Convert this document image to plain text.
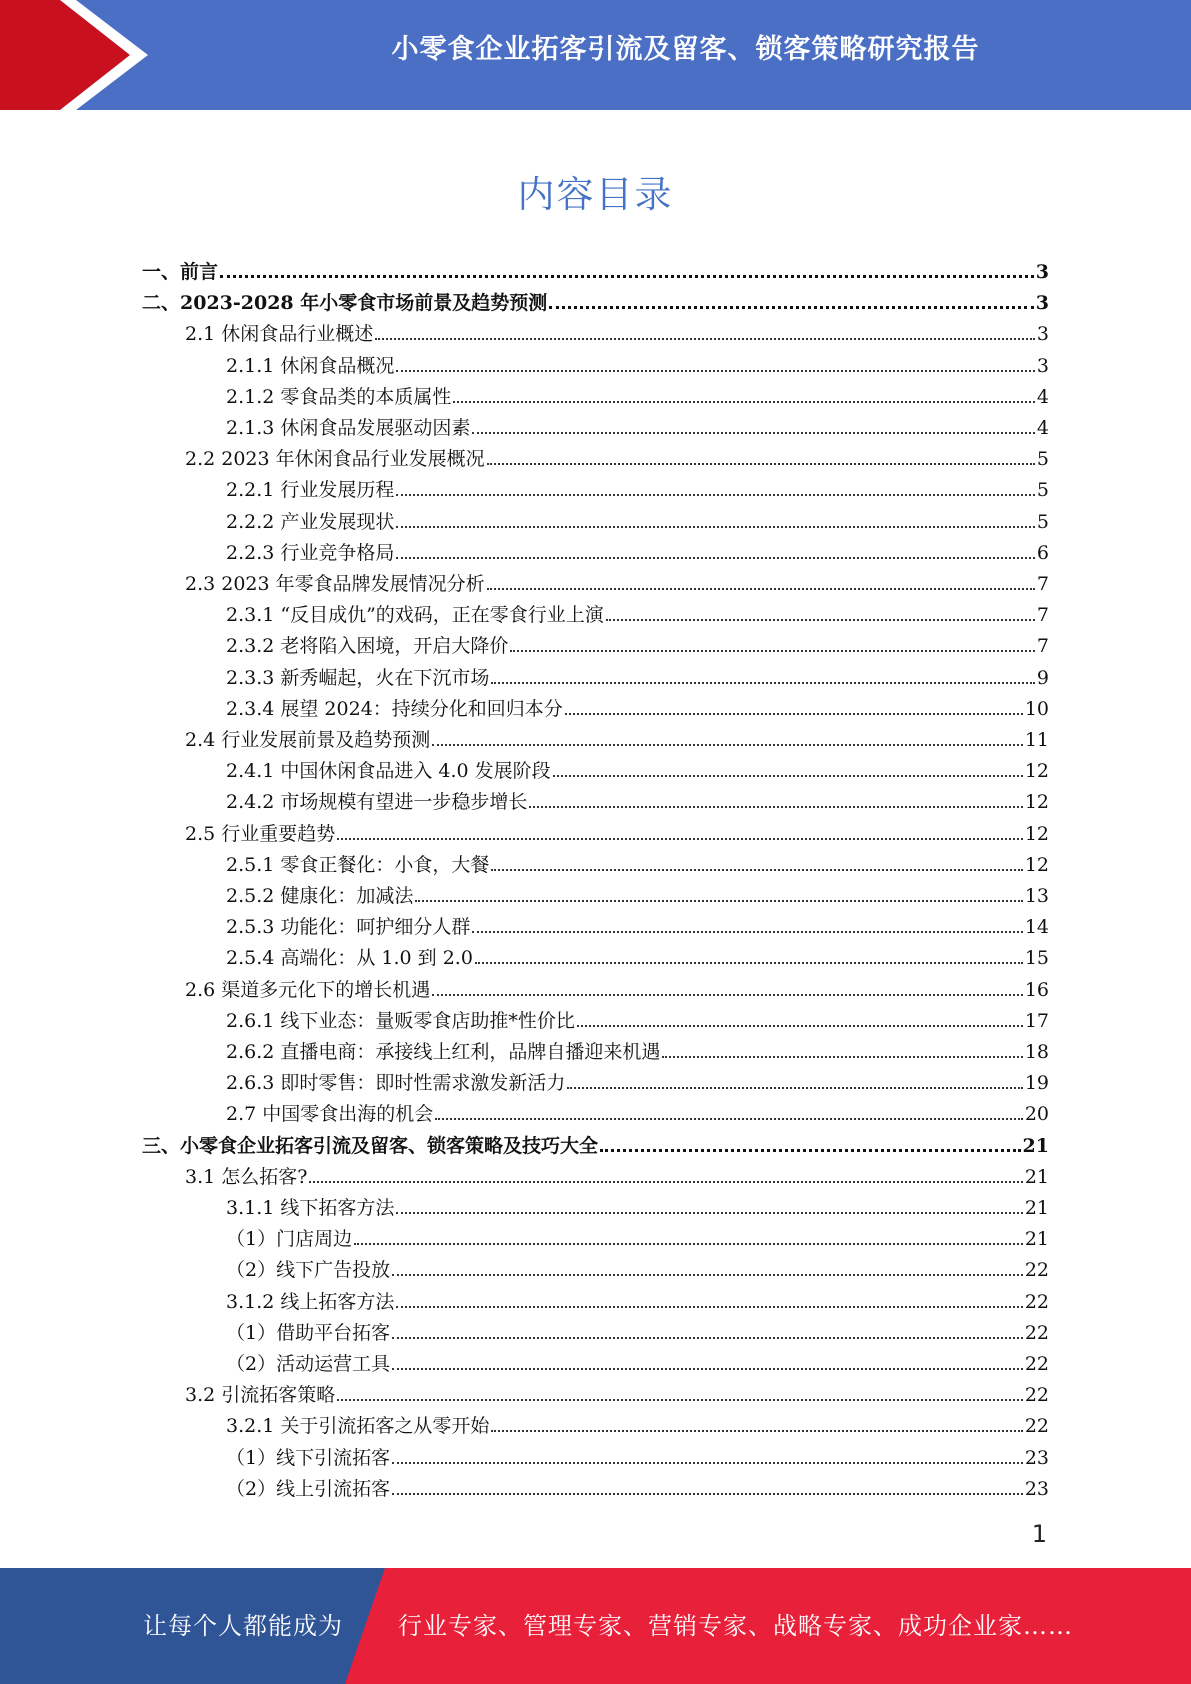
小零食企业拓客引流及留客、锁客策略研究报告
内容目录
一、前言	3
二、2023-2028 年小零食市场前景及趋势预测	3
2.1 休闲食品行业概述	3
2.1.1 休闲食品概况	3
2.1.2 零食品类的本质属性	4
2.1.3 休闲食品发展驱动因素	4
2.2 2023 年休闲食品行业发展概况	5
2.2.1 行业发展历程	5
2.2.2 产业发展现状	5
2.2.3 行业竞争格局	6
2.3 2023 年零食品牌发展情况分析	7
2.3.1 “反目成仇”的戏码，正在零食行业上演	7
2.3.2 老将陷入困境，开启大降价	7
2.3.3 新秀崛起，火在下沉市场	9
2.3.4 展望 2024：持续分化和回归本分	10
2.4 行业发展前景及趋势预测	11
2.4.1 中国休闲食品进入 4.0 发展阶段	12
2.4.2 市场规模有望进一步稳步增长	12
2.5 行业重要趋势	12
2.5.1 零食正餐化：小食，大餐	12
2.5.2 健康化：加减法	13
2.5.3 功能化：呵护细分人群	14
2.5.4 高端化：从 1.0 到 2.0	15
2.6 渠道多元化下的增长机遇	16
2.6.1 线下业态：量贩零食店助推*性价比	17
2.6.2 直播电商：承接线上红利，品牌自播迎来机遇	18
2.6.3 即时零售：即时性需求激发新活力	19
2.7 中国零食出海的机会	20
三、小零食企业拓客引流及留客、锁客策略及技巧大全	21
3.1 怎么拓客?	21
3.1.1 线下拓客方法	21
（1）门店周边	21
（2）线下广告投放	22
3.1.2 线上拓客方法	22
（1）借助平台拓客	22
（2）活动运营工具	22
3.2 引流拓客策略	22
3.2.1 关于引流拓客之从零开始	22
（1）线下引流拓客	23
（2）线上引流拓客	23
1
让每个人都能成为 行业专家、管理专家、营销专家、战略专家、成功企业家……
